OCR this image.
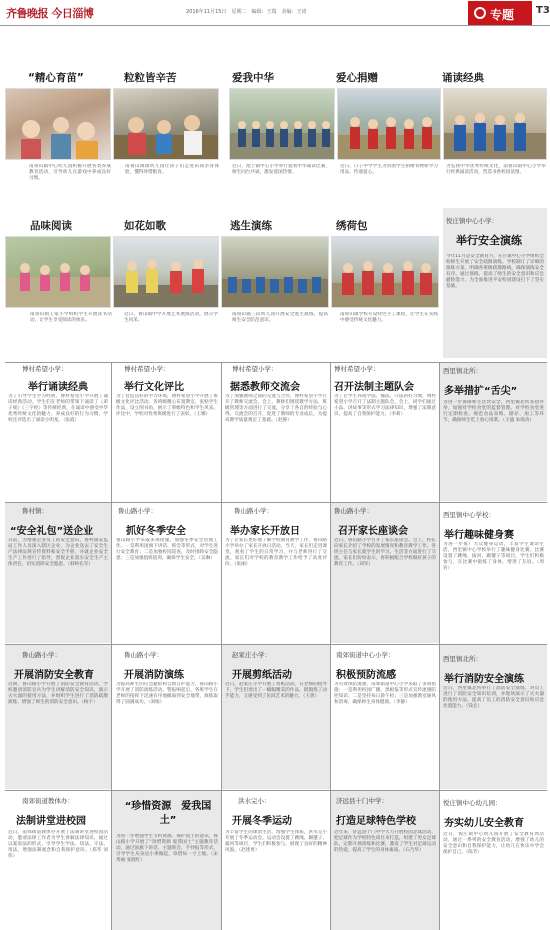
齐鲁晚报 今日淄博	2016年11月15日　星期二　编辑：王瑞　美编：王琦	专题	T3
“精心育苗”	粒粒皆辛苦	爱我中华	爱心捐赠	诵读经典
南鲁山镇中心幼儿园积极开展各类养成教育活动，引导幼儿在游戏中养成良好习惯。
南鲁山镇镇幼儿园让孩子们走进田间亲身体验，懂得珍惜粮食。
近日，池上镇中心小学举行爱我中华诵读比赛，师生同台共诵，激发爱国热情。
近日，口子中学学生为贫困学生捐赠衣物和学习用品，传递爱心。
为弘扬中华优秀传统文化，南鲁山镇中心小学举行经典诵读活动，营造书香校园氛围。
品味阅读	如花如歌	逃生演练	绣荷包
南鲁山镇王家小学组织学生开展读书活动，让学生享受阅读的快乐。
近日，鲁山镇中学开展艺术展演活动，展示学生风采。
南鲁山镇三段幼儿园开展安全逃生演练，提高师生安全防范意识。
南鲁山镇学校开设特色手工课程，让学生在实践中感受传统文化魅力。
悦庄镇中心小学：
举行安全演练
今年11月是安全教育月，在庄镇中心小学组织全校师生开展了安全疏散演练。学校制订了详细的演练方案，明确各班级疏散路线，确保演练安全有序。通过演练，提高了师生的安全意识和应急避险能力，为全面推进平安校园建设打下了坚实基础。
博村希望小学：
举行诵读经典
为了引导学生学习经典，博村希望小学开展了诵读经典活动。学生们在老师的带领下诵读了《弟子规》《三字经》等传统经典，在诵读中感受中华优秀传统文化的魅力，养成良好的行为习惯，学校还评选出了诵读小明星。（张霞）
博村希望小学：
举行文化评比
为了营造良好的学习环境，博村希望小学开展了班级文化评比活动。各班级精心布置教室，张贴学生作品，设立图书角，展示了班级特色和学生风采。评比中，学校对优秀班级进行了表彰。（王娜）
博村希望小学：
据悉教师交流会
为了加强教师之间的交流与合作，博村希望小学召开了教师交流会。会上，教师们围绕教学方法、班级管理等方面进行了交流，分享了各自的经验与心得。交流会的召开，促进了教师的专业成长，为提高教学质量奠定了基础。（赵静）
博村希望小学：
召开法制主题队会
为了让学生养成学法、懂法、守法的好习惯，博村希望小学召开了法制主题队会。会上，同学们通过小品、讲故事等形式学习法律知识，增强了法制意识，提高了自我保护能力。（李莉）
西里镇北所：
多举措扩“舌尖”
为进一步保障师生饮食安全，西里镇北所多措并举，加强对学校食堂的监督管理。对学校食堂进行定期检查，规范食品采购、储存、加工等环节，确保师生吃上放心饭菜。（王盛 朱海涛）
鲁村镇：
“安全礼包”送企业
日前，为增强企业员工的安全意识，鲁村镇安监站工作人员深入辖区企业，为企业送去了安全生产法律法规宣传资料和安全手册，并就企业安全生产工作进行了指导，督促企业落实安全生产主体责任，切实消除安全隐患。（韩岭孔军）
鲁山路小学：
抓好冬季安全
鲁山路小学采取多项措施，加强冬季安全管理工作。一是利用国旗下讲话、班会等形式，对学生进行安全教育；二是加强校园巡查，及时排除安全隐患；三是加强值班值周，确保学生安全。（吴琳）
鲁山路小学：
举办家长开放日
为了让家长更好地了解学校教育教学工作，鲁山路小学举办了家长开放日活动。当天，家长们走进课堂，观看了学生的日常学习，并与老师进行了交流。家长们对学校的教育教学工作给予了高度评价。（张丽）
鲁山路小学：
召开家长座谈会
近日，鲁山路小学召开了家长座谈会。会上，校长向家长介绍了学校的发展情况和教育教学工作，各班主任与家长就学生的学习、生活等方面进行了交流。家长们纷纷表示，将积极配合学校做好孩子的教育工作。（刘军）
西里镇中心学校：
举行趣味健身赛
为进一步推广大众健身运动，丰富学生课余生活，西里镇中心学校举行了趣味健身比赛。比赛设置了跳绳、拔河、踢毽子等项目，学生们积极参与，在比赛中锻炼了身体，增进了友谊。（周岩）
鲁山路小学：
开展消防安全教育
近期，鲁山路小学开展了消防安全教育活动。学校邀请消防官兵为学生讲解消防安全知识，演示灭火器的使用方法，并组织学生进行了消防疏散演练，增强了师生的消防安全意识。（杨宇）
鲁山路小学：
开展消防演练
为提高师生的应急避险和自救自护能力，鲁山路小学开展了消防演练活动。警报响起后，各班学生在老师的指挥下迅速有序地撤离到安全地带，演练取得了圆满成功。（刘娟）
赵家庄小学：
开展剪纸活动
近日，赵家庄小学开展了剪纸活动。在老师的指导下，学生们剪出了一幅幅精美的作品，既锻炼了动手能力，又感受到了民间艺术的魅力。（王倩）
南郊街道中心小学：
积极预防流感
为有效预防流感，南郊街道中心小学采取了多项措施：一是利用校园广播、黑板报等形式宣传流感防控知识；二是坚持每日晨午检；三是加强教室通风和消毒，确保师生身体健康。（李静）
西里镇北所：
举行消防安全演练
近日，西里镇北所举行了消防安全演练，对员工进行了消防安全知识培训，并现场演示了灭火器的使用方法，提高了员工的消防安全意识和应急处置能力。（钱宏）
南郊街道教体办：
法制讲堂进校园
近日，南郊街道教体办开展了法制讲堂进校园活动，邀请法律工作者为学生讲解法律知识，通过以案说法的形式，引导学生学法、知法、守法、用法，增强法制观念和自我保护意识。（郑华 刘伟）
“珍惜资源　爱我国土”
为进一步增强学生节约资源、保护国土的意识，鲁山路小学开展了“珍惜资源 爱我国土”主题教育活动，通过国旗下讲话、主题班会、手抄报等形式，引导学生从身边小事做起，珍惜每一寸土地。（宋秀丽 张晓红）
洪水完小：
开展冬季运动
为丰富学生的课余生活，增强学生体质，洪水完小开展了冬季运动会。运动会设置了跳绳、踢毽子、拔河等项目，学生们积极参与，展现了良好的精神风貌。（赵建勇）
济远县十门中学：
打造足球特色学校
近年来，济远县十门中学大力开展校园足球活动，把足球作为学校特色项目来打造，组建了男女足球队，定期开展训练和比赛，激发了学生对足球运动的热爱，提高了学生的身体素质。（石乃华）
悦庄镇中心幼儿园：
夯实幼儿安全教育
近日，悦庄镇中心幼儿园开展了安全教育周活动，通过一系列的安全教育活动，增强了幼儿的安全意识和自我保护能力，让幼儿在快乐中学会保护自己。（陈芳）
